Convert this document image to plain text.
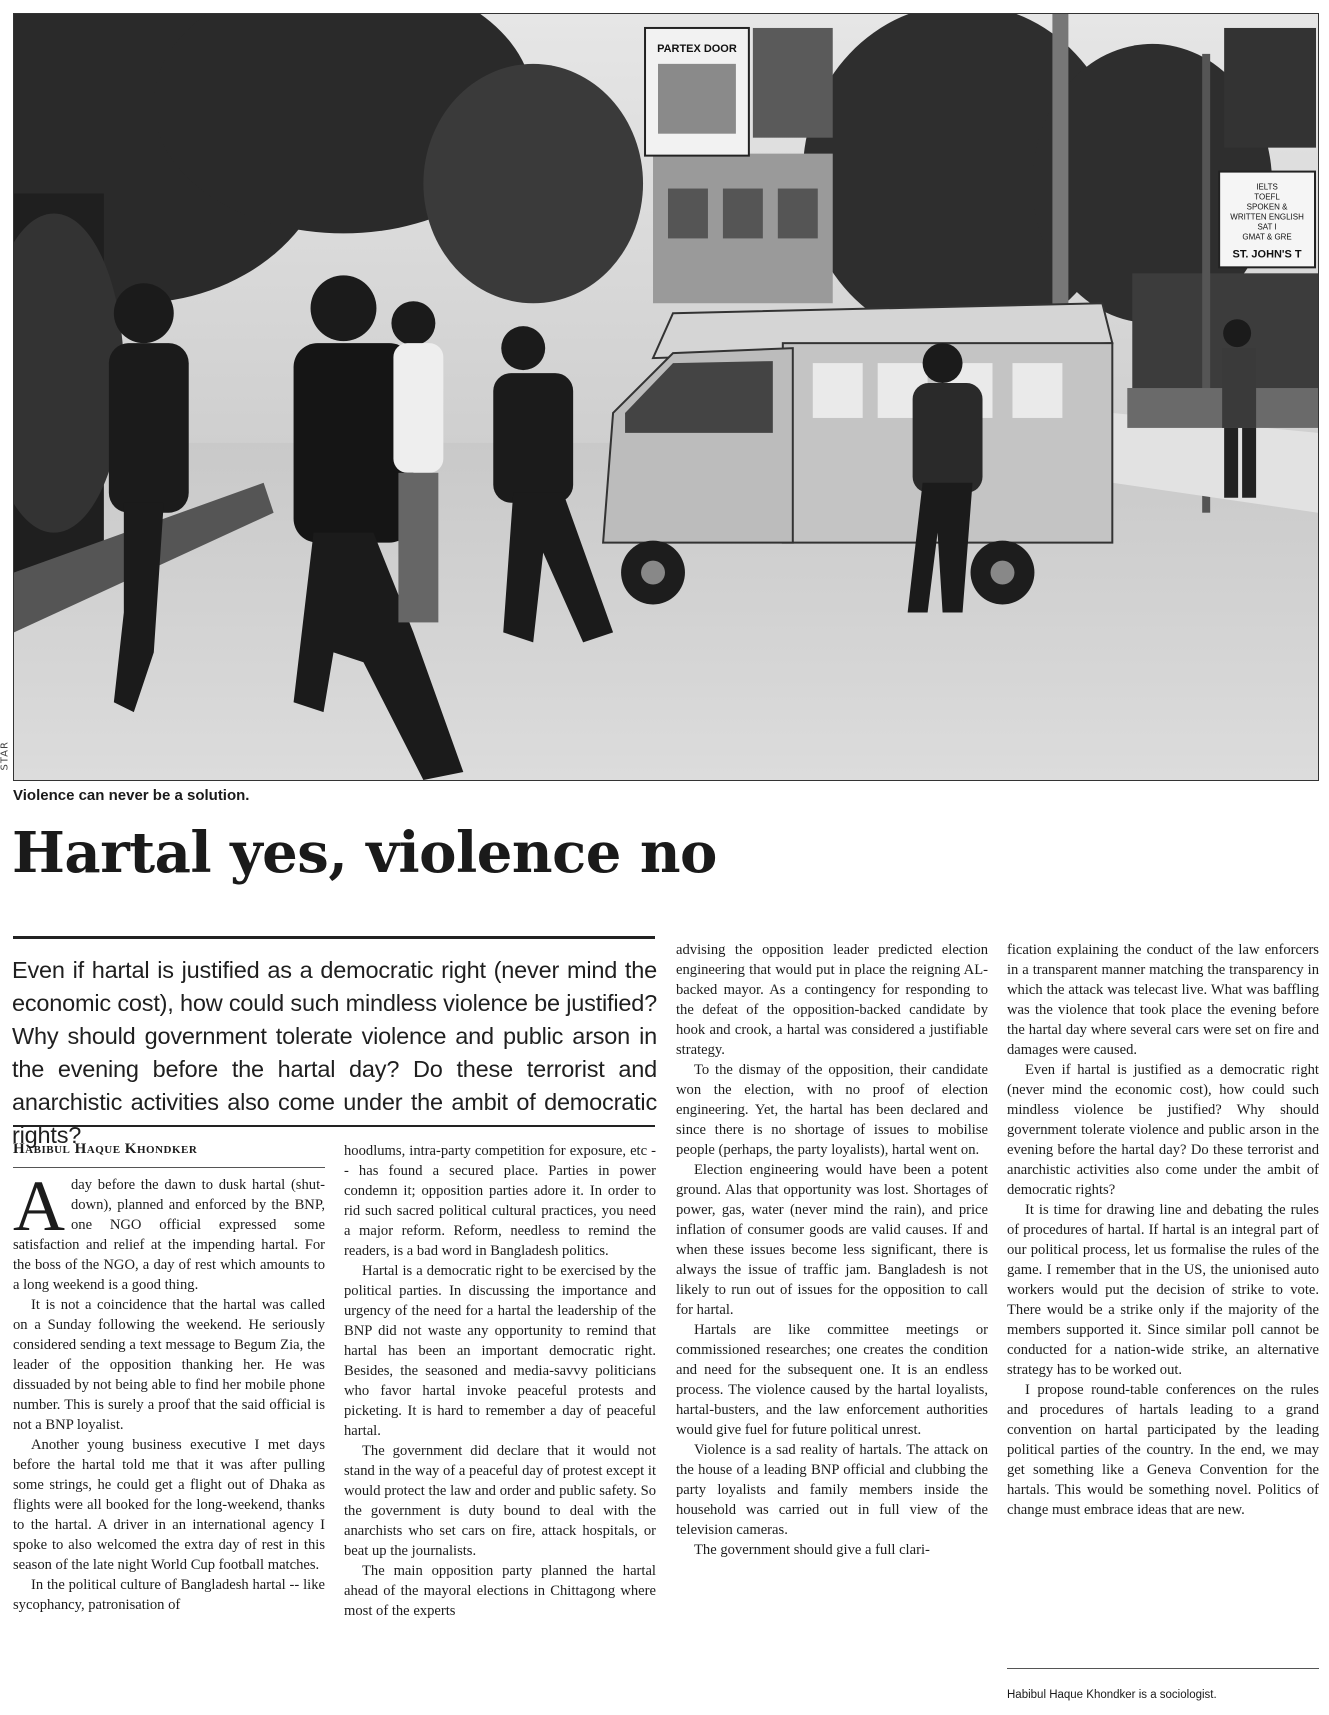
PARTEX DOOR
IELTS
TOEFL
SPOKEN &
WRITTEN ENGLISH
SAT I
GMAT & GRE
ST. JOHN'S T
STAR
Violence can never be a solution.
Hartal yes, violence no

Even if hartal is justified as a democratic right (never mind the economic cost), how could such mindless violence be justified? Why should government tolerate violence and public arson in the evening before the hartal day? Do these terrorist and anarchistic activities also come under the ambit of democratic rights?

Habibul Haque Khondker

Aday before the dawn to dusk hartal (shut-down), planned and enforced by the BNP, one NGO official expressed some satisfaction and relief at the impending hartal. For the boss of the NGO, a day of rest which amounts to a long weekend is a good thing.

It is not a coincidence that the hartal was called on a Sunday following the weekend. He seriously considered sending a text message to Begum Zia, the leader of the opposition thanking her. He was dissuaded by not being able to find her mobile phone number. This is surely a proof that the said official is not a BNP loyalist.

Another young business executive I met days before the hartal told me that it was after pulling some strings, he could get a flight out of Dhaka as flights were all booked for the long-weekend, thanks to the hartal. A driver in an international agency I spoke to also welcomed the extra day of rest in this season of the late night World Cup football matches.

In the political culture of Bangladesh hartal -- like sycophancy, patronisation of

hoodlums, intra-party competition for exposure, etc -- has found a secured place. Parties in power condemn it; opposition parties adore it. In order to rid such sacred political cultural practices, you need a major reform. Reform, needless to remind the readers, is a bad word in Bangladesh politics.

Hartal is a democratic right to be exercised by the political parties. In discussing the importance and urgency of the need for a hartal the leadership of the BNP did not waste any opportunity to remind that hartal has been an important democratic right. Besides, the seasoned and media-savvy politicians who favor hartal invoke peaceful protests and picketing. It is hard to remember a day of peaceful hartal.

The government did declare that it would not stand in the way of a peaceful day of protest except it would protect the law and order and public safety. So the government is duty bound to deal with the anarchists who set cars on fire, attack hospitals, or beat up the journalists.

The main opposition party planned the hartal ahead of the mayoral elections in Chittagong where most of the experts

advising the opposition leader predicted election engineering that would put in place the reigning AL-backed mayor. As a contingency for responding to the defeat of the opposition-backed candidate by hook and crook, a hartal was considered a justifiable strategy.

To the dismay of the opposition, their candidate won the election, with no proof of election engineering. Yet, the hartal has been declared and since there is no shortage of issues to mobilise people (perhaps, the party loyalists), hartal went on.

Election engineering would have been a potent ground. Alas that opportunity was lost. Shortages of power, gas, water (never mind the rain), and price inflation of consumer goods are valid causes. If and when these issues become less significant, there is always the issue of traffic jam. Bangladesh is not likely to run out of issues for the opposition to call for hartal.

Hartals are like committee meetings or commissioned researches; one creates the condition and need for the subsequent one. It is an endless process. The violence caused by the hartal loyalists, hartal-busters, and the law enforcement authorities would give fuel for future political unrest.

Violence is a sad reality of hartals. The attack on the house of a leading BNP official and clubbing the party loyalists and family members inside the household was carried out in full view of the television cameras.

The government should give a full clari-

fication explaining the conduct of the law enforcers in a transparent manner matching the transparency in which the attack was telecast live. What was baffling was the violence that took place the evening before the hartal day where several cars were set on fire and damages were caused.

Even if hartal is justified as a democratic right (never mind the economic cost), how could such mindless violence be justified? Why should government tolerate violence and public arson in the evening before the hartal day? Do these terrorist and anarchistic activities also come under the ambit of democratic rights?

It is time for drawing line and debating the rules of procedures of hartal. If hartal is an integral part of our political process, let us formalise the rules of the game. I remember that in the US, the unionised auto workers would put the decision of strike to vote. There would be a strike only if the majority of the members supported it. Since similar poll cannot be conducted for a nation-wide strike, an alternative strategy has to be worked out.

I propose round-table conferences on the rules and procedures of hartals leading to a grand convention on hartal participated by the leading political parties of the country. In the end, we may get something like a Geneva Convention for the hartals. This would be something novel. Politics of change must embrace ideas that are new.

Habibul Haque Khondker is a sociologist.
